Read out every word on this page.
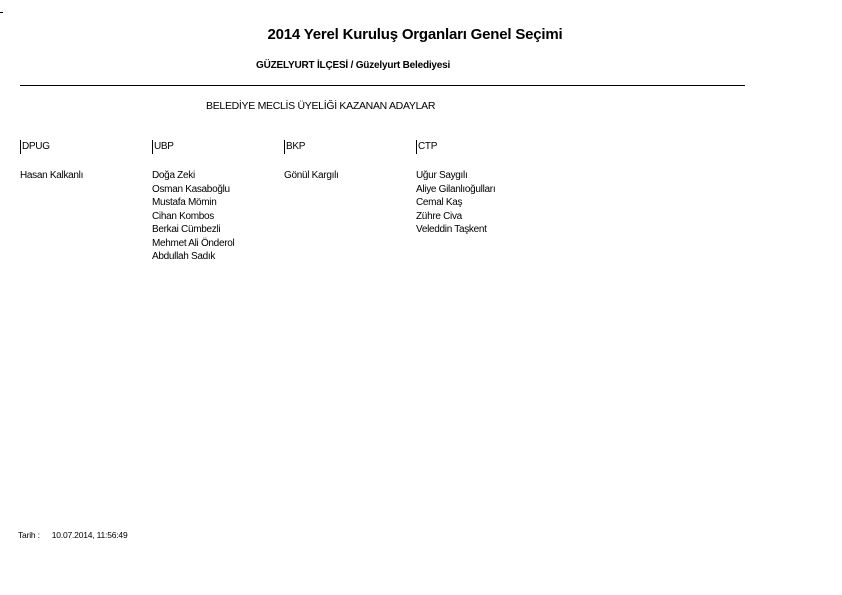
2014 Yerel Kuruluş Organları Genel Seçimi
GÜZELYURT İLÇESİ / Güzelyurt Belediyesi
BELEDİYE MECLİS ÜYELİĞİ KAZANAN ADAYLAR
DPUG
Hasan Kalkanlı
UBP
Doğa Zeki
Osman Kasaboğlu
Mustafa Mömin
Cihan Kombos
Berkai Cümbezli
Mehmet Ali Önderol
Abdullah Sadık
BKP
Gönül Kargılı
CTP
Uğur Saygılı
Aliye Gilanlıoğulları
Cemal Kaş
Zühre Civa
Veleddin Taşkent
Tarih : 10.07.2014, 11:56:49
